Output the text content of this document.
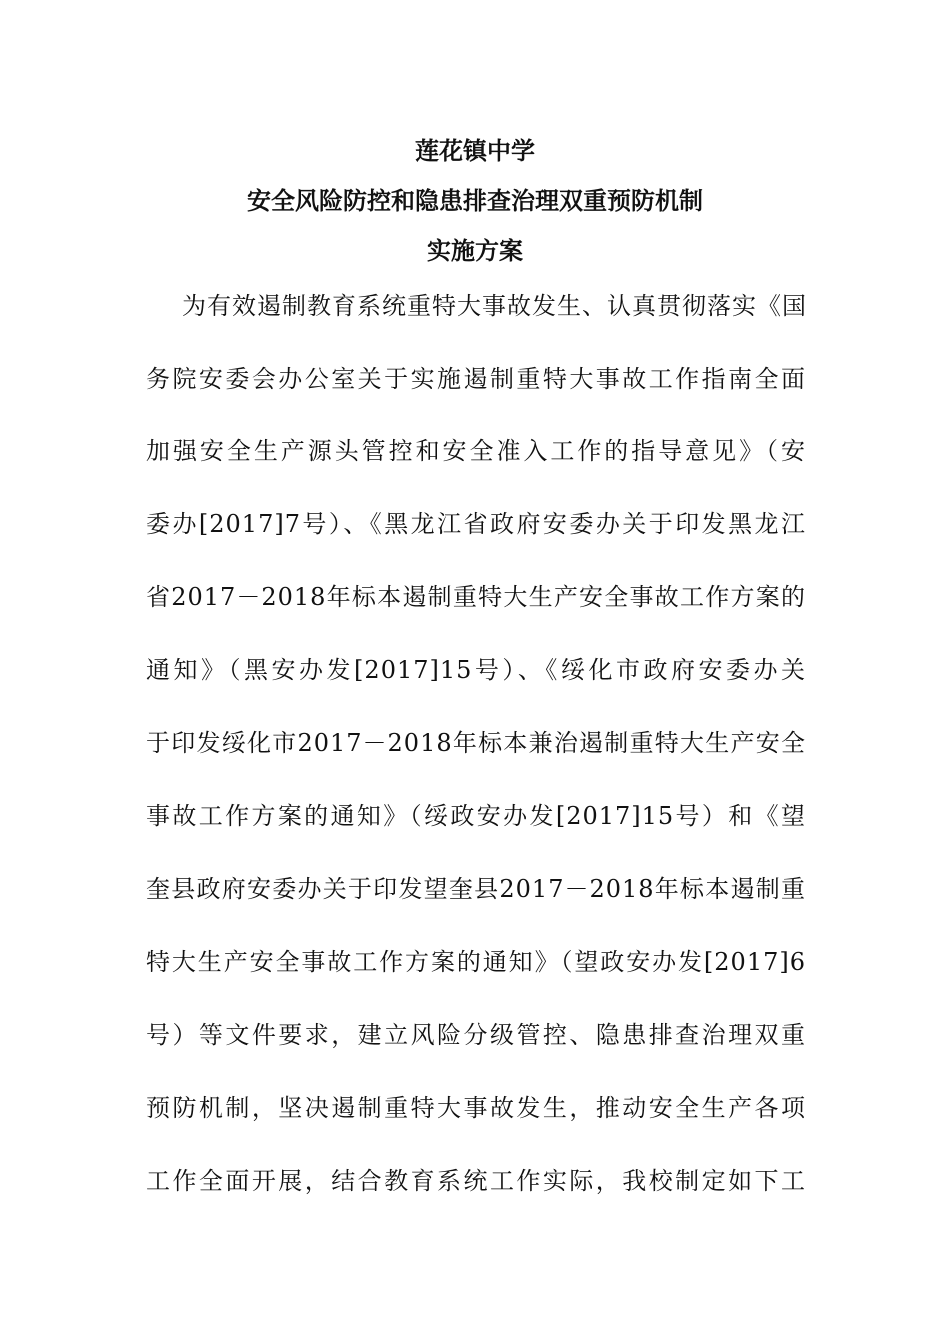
莲花镇中学
安全风险防控和隐患排查治理双重预防机制
实施方案
为有效遏制教育系统重特大事故发生、认真贯彻落实《国
务院安委会办公室关于实施遏制重特大事故工作指南全面
加强安全生产源头管控和安全准入工作的指导意见》（安
委办[2017]7号）、《黑龙江省政府安委办关于印发黑龙江
省2017－2018年标本遏制重特大生产安全事故工作方案的
通知》（黑安办发[2017]15号）、《绥化市政府安委办关
于印发绥化市2017－2018年标本兼治遏制重特大生产安全
事故工作方案的通知》（绥政安办发[2017]15号）和《望
奎县政府安委办关于印发望奎县2017－2018年标本遏制重
特大生产安全事故工作方案的通知》（望政安办发[2017]6
号）等文件要求，建立风险分级管控、隐患排查治理双重
预防机制，坚决遏制重特大事故发生，推动安全生产各项
工作全面开展，结合教育系统工作实际，我校制定如下工
